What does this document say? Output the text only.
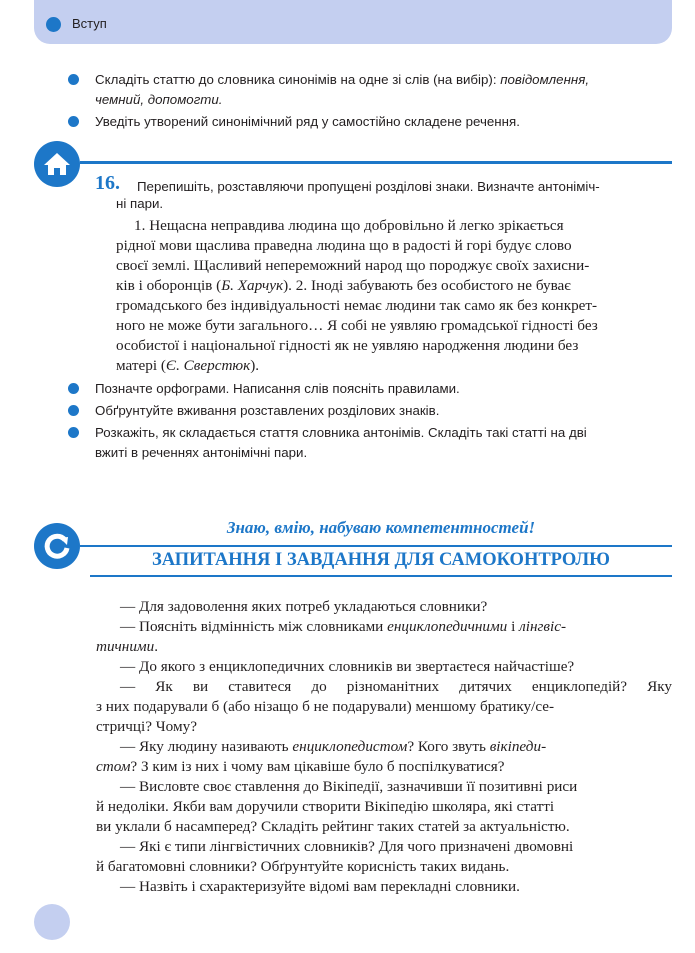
Вступ
Складіть статтю до словника синонімів на одне зі слів (на вибір): повідомлення,
чемний, допомогти.
Уведіть утворений синонімічний ряд у самостійно складене речення.
16. Перепишіть, розставляючи пропущені розділові знаки. Визначте антоніміч-
ні пари.
1. Нещасна неправдива людина що добровільно й легко зрікається
рідної мови щаслива праведна людина що в радості й горі будує слово
своєї землі. Щасливий непереможний народ що породжує своїх захисни-
ків і оборонців (Б. Харчук). 2. Іноді забувають без особистого не буває
громадського без індивідуальності немає людини так само як без конкрет-
ного не може бути загального… Я собі не уявляю громадської гідності без
особистої і національної гідності як не уявляю народження людини без
матері (Є. Сверстюк).
Позначте орфограми. Написання слів поясніть правилами.
Обґрунтуйте вживання розставлених розділових знаків.
Розкажіть, як складається стаття словника антонімів. Складіть такі статті на дві
вжиті в реченнях антонімічні пари.
Знаю, вмію, набуваю компетентностей!
ЗАПИТАННЯ І ЗАВДАННЯ ДЛЯ САМОКОНТРОЛЮ
— Для задоволення яких потреб укладаються словники?
— Поясніть відмінність між словниками енциклопедичними і лінгвіс-
тичними.
— До якого з енциклопедичних словників ви звертаєтеся найчастіше?
— Як ви ставитеся до різноманітних дитячих енциклопедій? Яку
з них подарували б (або нізащо б не подарували) меншому братику/се-
стричці? Чому?
— Яку людину називають енциклопедистом? Кого звуть вікіпеди-
стом? З ким із них і чому вам цікавіше було б поспілкуватися?
— Висловте своє ставлення до Вікіпедії, зазначивши її позитивні риси
й недоліки. Якби вам доручили створити Вікіпедію школяра, які статті
ви уклали б насамперед? Складіть рейтинг таких статей за актуальністю.
— Які є типи лінгвістичних словників? Для чого призначені двомовні
й багатомовні словники? Обґрунтуйте корисність таких видань.
— Назвіть і схарактеризуйте відомі вам перекладні словники.
